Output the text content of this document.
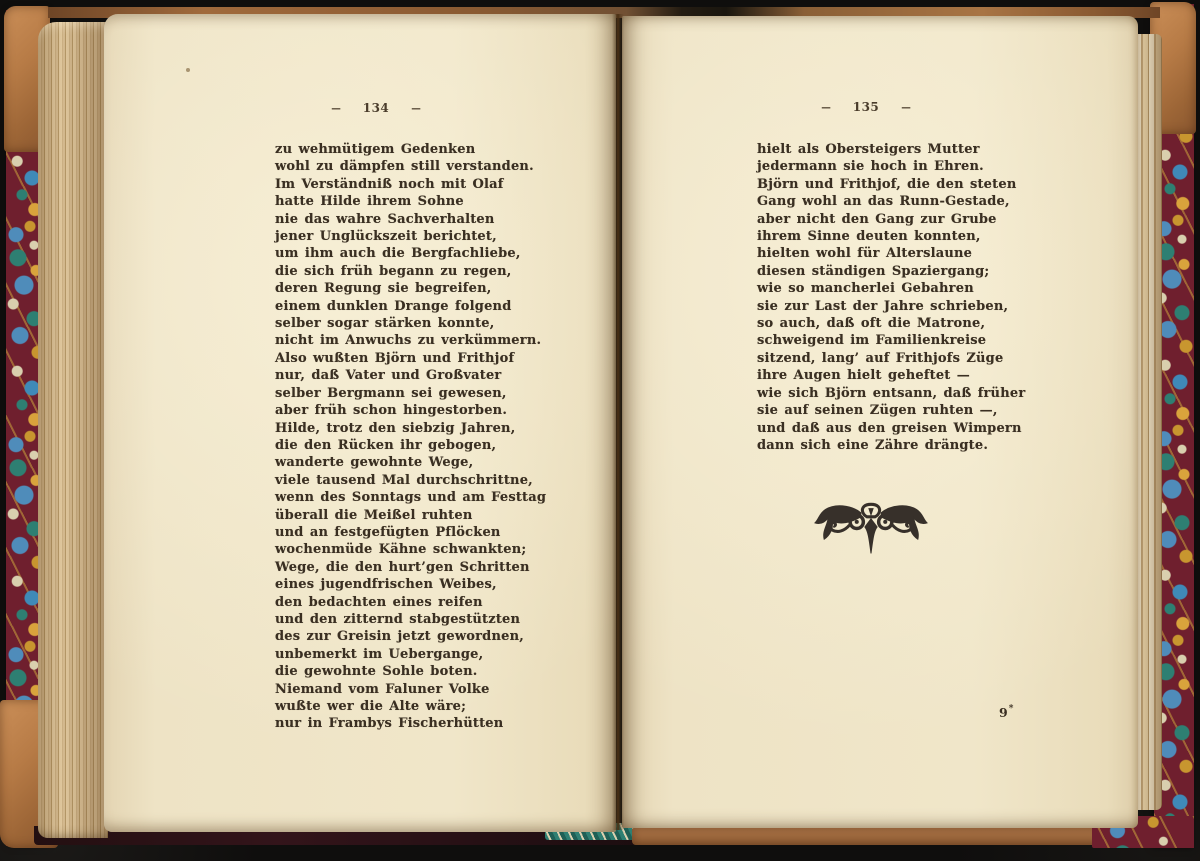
— 134 —	— 135 —
zu wehmütigem Gedenken
wohl zu dämpfen still verstanden.
Im Verständniß noch mit Olaf
hatte Hilde ihrem Sohne
nie das wahre Sachverhalten
jener Unglückszeit berichtet,
um ihm auch die Bergfachliebe,
die sich früh begann zu regen,
deren Regung sie begreifen,
einem dunklen Drange folgend
selber sogar stärken konnte,
nicht im Anwuchs zu verkümmern.
Also wußten Björn und Frithjof
nur, daß Vater und Großvater
selber Bergmann sei gewesen,
aber früh schon hingestorben.
Hilde, trotz den siebzig Jahren,
die den Rücken ihr gebogen,
wanderte gewohnte Wege,
viele tausend Mal durchschrittne,
wenn des Sonntags und am Festtag
überall die Meißel ruhten
und an festgefügten Pflöcken
wochenmüde Kähne schwankten;
Wege, die den hurt’gen Schritten
eines jugendfrischen Weibes,
den bedachten eines reifen
und den zitternd stabgestützten
des zur Greisin jetzt gewordnen,
unbemerkt im Uebergange,
die gewohnte Sohle boten.
Niemand vom Faluner Volke
wußte wer die Alte wäre;
nur in Frambys Fischerhütten
hielt als Obersteigers Mutter
jedermann sie hoch in Ehren.
Björn und Frithjof, die den steten
Gang wohl an das Runn-Gestade,
aber nicht den Gang zur Grube
ihrem Sinne deuten konnten,
hielten wohl für Alterslaune
diesen ständigen Spaziergang;
wie so mancherlei Gebahren
sie zur Last der Jahre schrieben,
so auch, daß oft die Matrone,
schweigend im Familienkreise
sitzend, lang’ auf Frithjofs Züge
ihre Augen hielt geheftet —
wie sich Björn entsann, daß früher
sie auf seinen Zügen ruhten —,
und daß aus den greisen Wimpern
dann sich eine Zähre drängte.
9*
